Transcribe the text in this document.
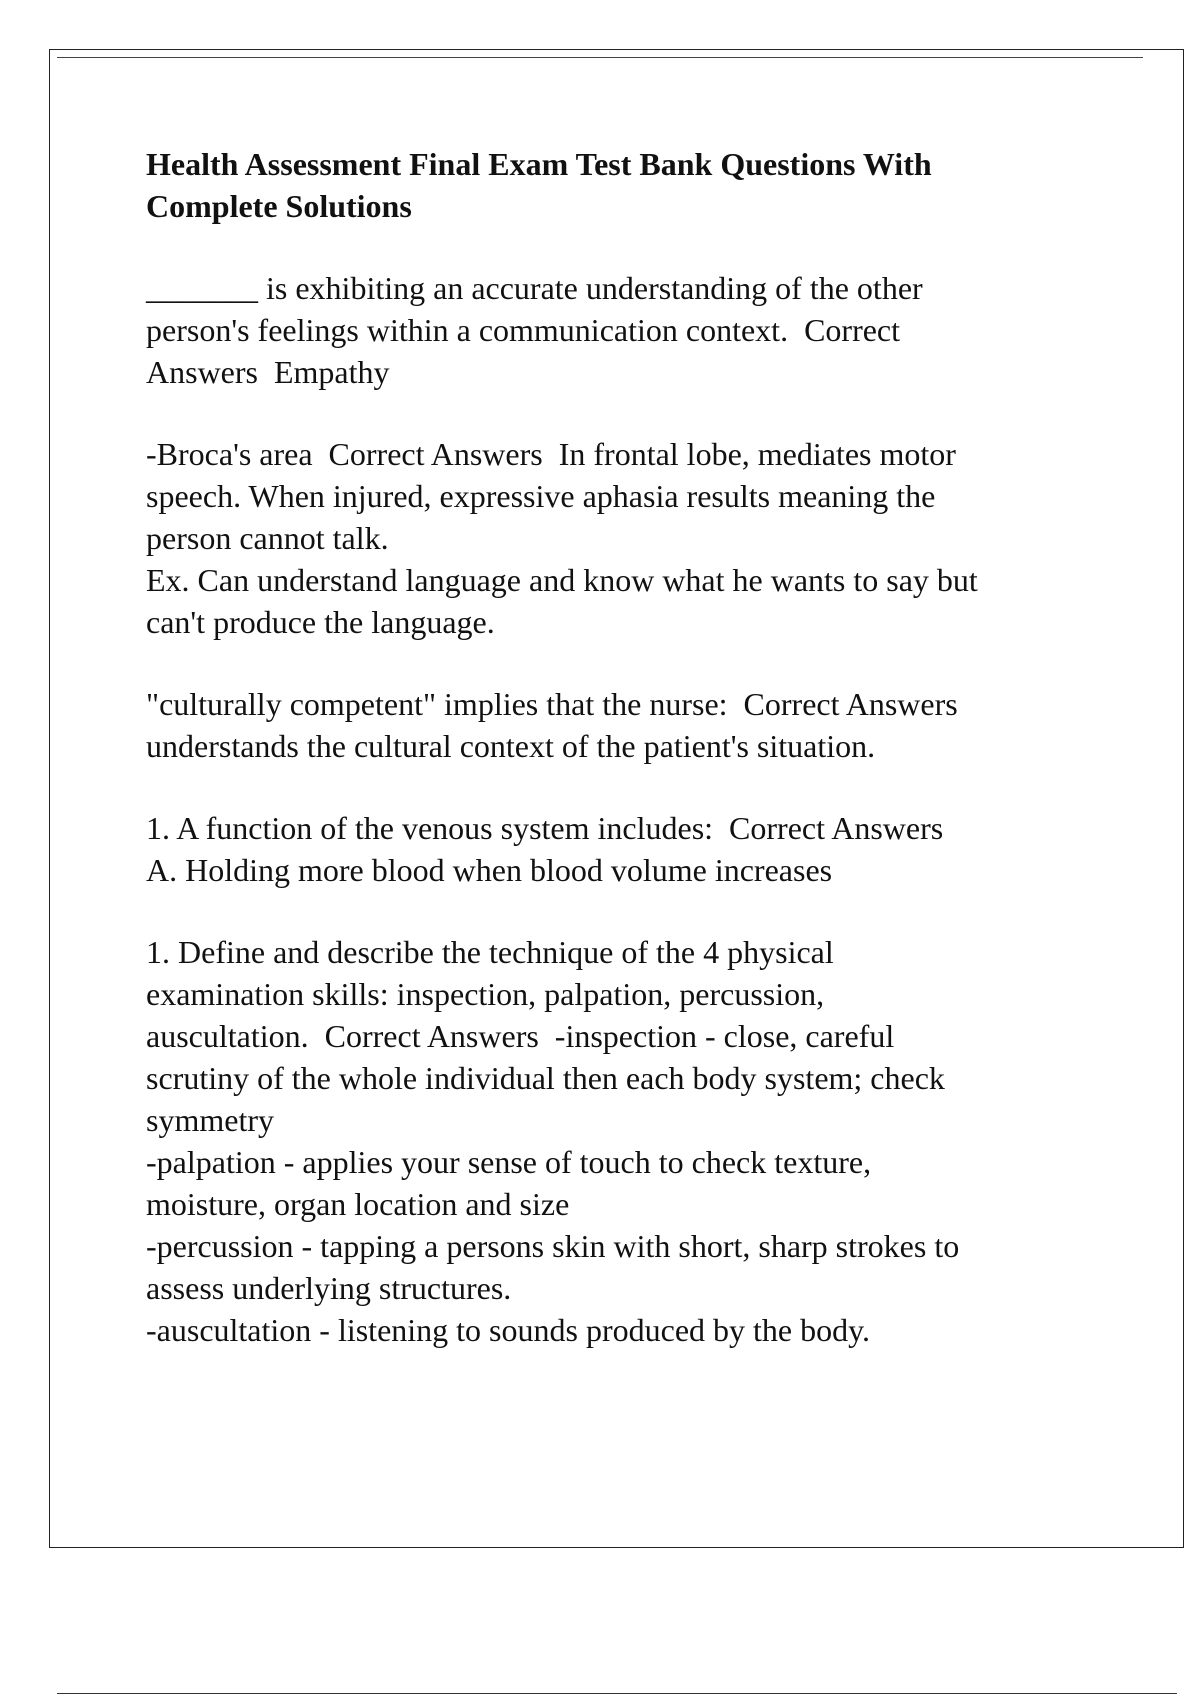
Health Assessment Final Exam Test Bank Questions With
Complete Solutions
_______ is exhibiting an accurate understanding of the other
person's feelings within a communication context.  Correct
Answers  Empathy
-Broca's area  Correct Answers  In frontal lobe, mediates motor
speech. When injured, expressive aphasia results meaning the
person cannot talk.
Ex. Can understand language and know what he wants to say but
can't produce the language.
"culturally competent" implies that the nurse:  Correct Answers
understands the cultural context of the patient's situation.
1. A function of the venous system includes:  Correct Answers
A. Holding more blood when blood volume increases
1. Define and describe the technique of the 4 physical
examination skills: inspection, palpation, percussion,
auscultation.  Correct Answers  -inspection - close, careful
scrutiny of the whole individual then each body system; check
symmetry
-palpation - applies your sense of touch to check texture,
moisture, organ location and size
-percussion - tapping a persons skin with short, sharp strokes to
assess underlying structures.
-auscultation - listening to sounds produced by the body.
